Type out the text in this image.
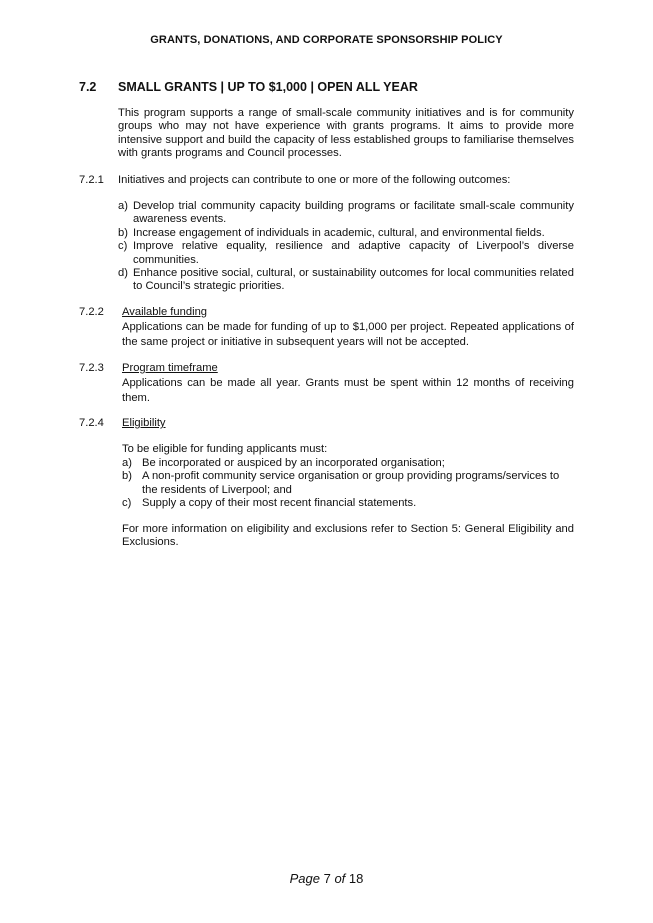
GRANTS, DONATIONS, AND CORPORATE SPONSORSHIP POLICY
7.2 SMALL GRANTS | UP TO $1,000 | OPEN ALL YEAR
This program supports a range of small-scale community initiatives and is for community groups who may not have experience with grants programs. It aims to provide more intensive support and build the capacity of less established groups to familiarise themselves with grants programs and Council processes.
7.2.1 Initiatives and projects can contribute to one or more of the following outcomes:
a) Develop trial community capacity building programs or facilitate small-scale community awareness events.
b) Increase engagement of individuals in academic, cultural, and environmental fields.
c) Improve relative equality, resilience and adaptive capacity of Liverpool’s diverse communities.
d) Enhance positive social, cultural, or sustainability outcomes for local communities related to Council’s strategic priorities.
7.2.2 Available funding
Applications can be made for funding of up to $1,000 per project. Repeated applications of the same project or initiative in subsequent years will not be accepted.
7.2.3 Program timeframe
Applications can be made all year. Grants must be spent within 12 months of receiving them.
7.2.4 Eligibility
To be eligible for funding applicants must:
a) Be incorporated or auspiced by an incorporated organisation;
b) A non-profit community service organisation or group providing programs/services to the residents of Liverpool; and
c) Supply a copy of their most recent financial statements.
For more information on eligibility and exclusions refer to Section 5: General Eligibility and Exclusions.
Page 7 of 18
